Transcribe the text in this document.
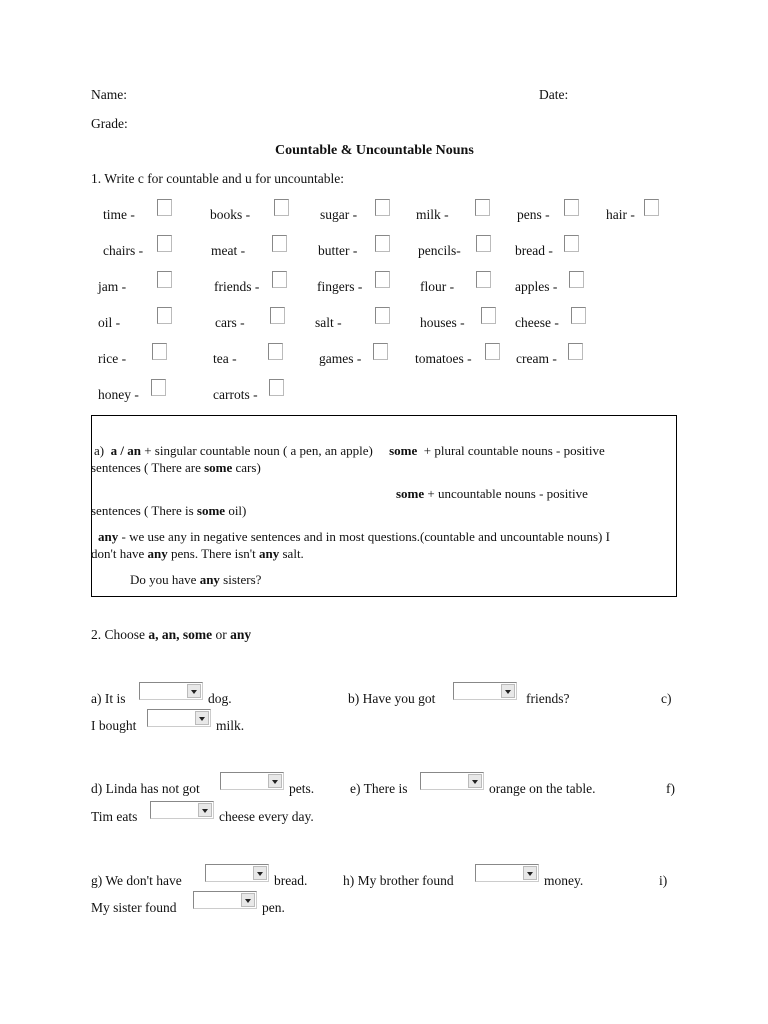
Name:	Date:
Grade:
Countable & Uncountable Nouns
1. Write c for countable and u for uncountable:
time -	books -	sugar -	milk -	pens -	hair -
chairs -	meat -	butter -	pencils-	bread -
jam -	friends -	fingers -	flour -	apples -
oil -	cars -	salt -	houses -	cheese -
rice -	tea -	games -	tomatoes -	cream -
honey -	carrots -
a) a / an + singular countable noun ( a pen, an apple) some + plural countable nouns - positive
sentences ( There are some cars)
some + uncountable nouns - positive
sentences ( There is some oil)
any - we use any in negative sentences and in most questions.(countable and uncountable nouns) I
don't have any pens. There isn't any salt.
Do you have any sisters?
2. Choose a, an, some or any
a) It is	dog.	b) Have you got	friends?	c)
I bought	milk.
d) Linda has not got	pets.	e) There is	orange on the table.	f)
Tim eats	cheese every day.
g) We don't have	bread.	h) My brother found	money.	i)
My sister found	pen.
